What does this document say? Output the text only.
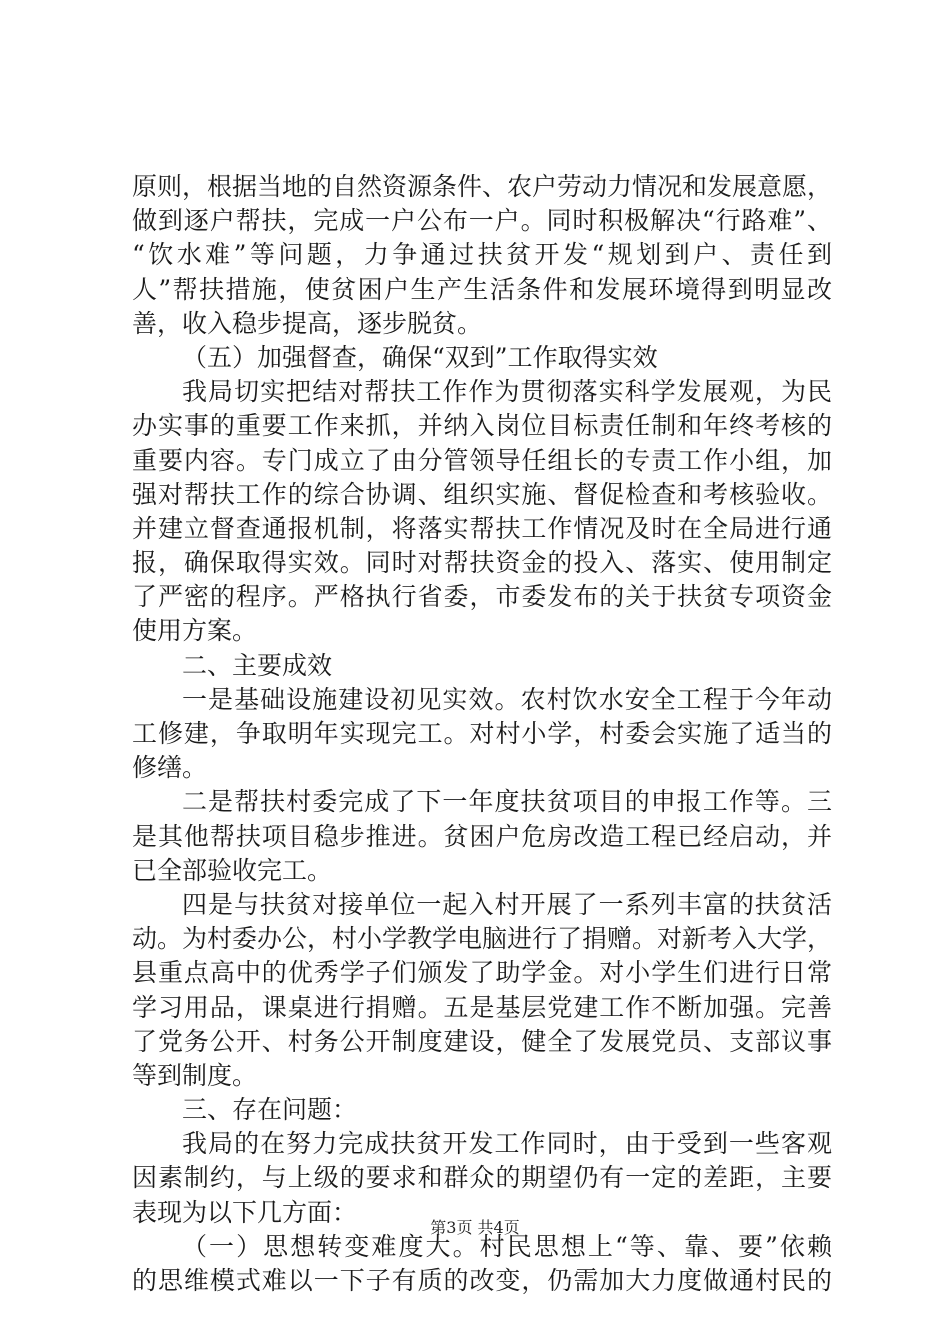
原则，根据当地的自然资源条件、农户劳动力情况和发展意愿，
做到逐户帮扶，完成一户公布一户。同时积极解决“行路难”、
“饮水难”等问题，力争通过扶贫开发“规划到户、责任到
人”帮扶措施，使贫困户生产生活条件和发展环境得到明显改
善，收入稳步提高，逐步脱贫。
（五）加强督查，确保“双到”工作取得实效
我局切实把结对帮扶工作作为贯彻落实科学发展观，为民
办实事的重要工作来抓，并纳入岗位目标责任制和年终考核的
重要内容。专门成立了由分管领导任组长的专责工作小组，加
强对帮扶工作的综合协调、组织实施、督促检查和考核验收。
并建立督查通报机制，将落实帮扶工作情况及时在全局进行通
报，确保取得实效。同时对帮扶资金的投入、落实、使用制定
了严密的程序。严格执行省委，市委发布的关于扶贫专项资金
使用方案。
二、主要成效
一是基础设施建设初见实效。农村饮水安全工程于今年动
工修建，争取明年实现完工。对村小学，村委会实施了适当的
修缮。
二是帮扶村委完成了下一年度扶贫项目的申报工作等。三
是其他帮扶项目稳步推进。贫困户危房改造工程已经启动，并
已全部验收完工。
四是与扶贫对接单位一起入村开展了一系列丰富的扶贫活
动。为村委办公，村小学教学电脑进行了捐赠。对新考入大学，
县重点高中的优秀学子们颁发了助学金。对小学生们进行日常
学习用品，课桌进行捐赠。五是基层党建工作不断加强。完善
了党务公开、村务公开制度建设，健全了发展党员、支部议事
等到制度。
三、存在问题：
我局的在努力完成扶贫开发工作同时，由于受到一些客观
因素制约，与上级的要求和群众的期望仍有一定的差距，主要
表现为以下几方面：
（一）思想转变难度大。村民思想上“等、靠、要”依赖
的思维模式难以一下子有质的改变，仍需加大力度做通村民的
第3页 共4页
